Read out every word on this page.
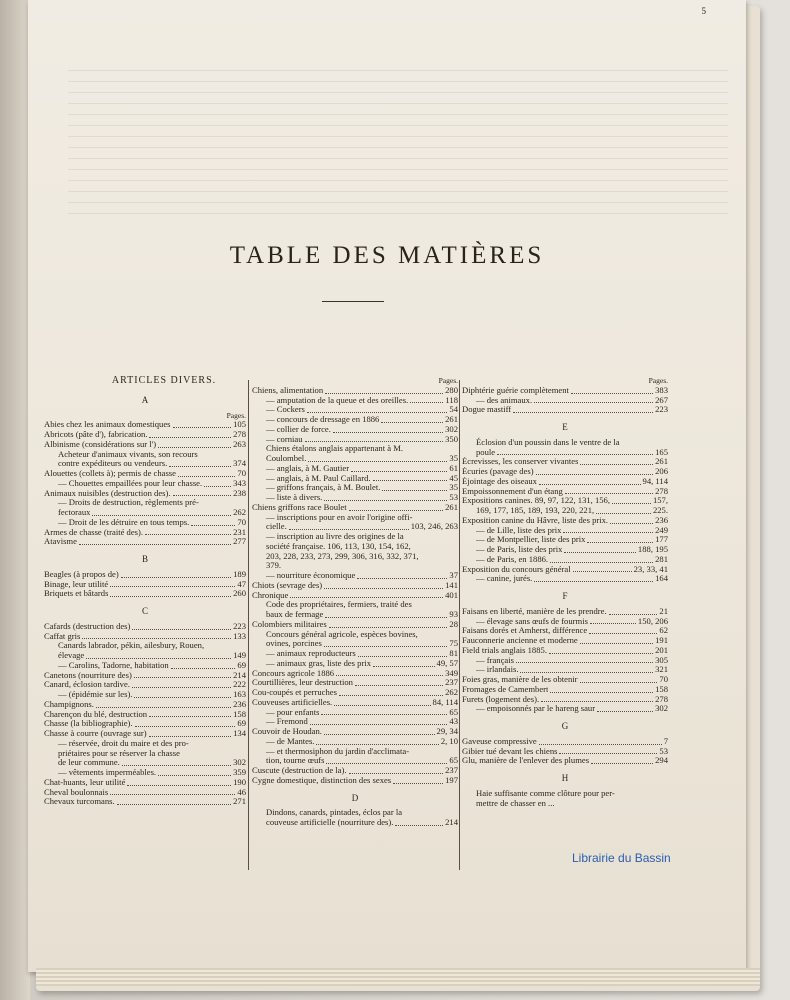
5
TABLE DES MATIÈRES
ARTICLES DIVERS.
A
Pages.
Abies chez les animaux domestiques	105
Abricots (pâte d'), fabrication.	278
Albinisme (considérations sur l')	263
Acheteur d'animaux vivants, son recours
contre expéditeurs ou vendeurs.	374
Alouettes (collets à); permis de chasse	70
— Chouettes empaillées pour leur chasse.	343
Animaux nuisibles (destruction des).	238
— Droits de destruction, règlements pré-
fectoraux	262
— Droit de les détruire en tous temps.	70
Armes de chasse (traité des).	231
Atavisme	277
B
Beagles (à propos de)	189
Binage, leur utilité	47
Briquets et bâtards	260
C
Cafards (destruction des)	223
Caffat gris	133
Canards labrador, pékin, ailesbury, Rouen,
élevage	149
— Carolins, Tadorne, habitation	69
Canetons (nourriture des)	214
Canard, éclosion tardive.	222
— (épidémie sur les).	163
Champignons.	236
Charençon du blé, destruction	158
Chasse (la bibliographie).	69
Chasse à courre (ouvrage sur)	134
— réservée, droit du maire et des pro-
priétaires pour se réserver la chasse
de leur commune.	302
— vêtements imperméables.	359
Chat-huants, leur utilité	190
Cheval boulonnais	46
Chevaux turcomans.	271
Pages.
Chiens, alimentation	280
— amputation de la queue et des oreilles.	118
— Cockers	54
— concours de dressage en 1886	261
— collier de force.	302
— cornіau	350
Chiens étalons anglais appartenant à M.
Coulombel.	35
— anglais, à M. Gautier	61
— anglais, à M. Paul Caillard.	45
— griffons français, à M. Boulet.	35
— liste à divers.	53
Chiens griffons race Boulet	261
— inscriptions pour en avoir l'origine offi-
cielle.	103, 246, 263
— inscription au livre des origines de la
société française. 106, 113, 130, 154, 162,
203, 228, 233, 273, 299, 306, 316, 332, 371,
379.
— nourriture économique	37
Chiots (sevrage des)	141
Chronique	401
Code des propriétaires, fermiers, traité des
baux de fermage	93
Colombiers militaires	28
Concours général agricole, espèces bovines,
ovines, porcines	75
— animaux reproducteurs	81
— animaux gras, liste des prix	49, 57
Concours agricole 1886	349
Courtillières, leur destruction	237
Cou-coupés et perruches	262
Couveuses artificielles.	84, 114
— pour enfants	65
— Fremond	43
Couvoir de Houdan.	29, 34
— de Mantes.	2, 10
— et thermosiphon du jardin d'acclimata-
tion, tourne œufs	65
Cuscute (destruction de la).	237
Cygne domestique, distinction des sexes	197
D
Dindons, canards, pintades, éclos par la
couveuse artificielle (nourriture des).	214
Pages.
Diphtérie guérie complètement	383
— des animaux.	267
Dogue mastiff	223
E
Éclosion d'un poussin dans le ventre de la
poule	165
Écrevisses, les conserver vivantes	261
Écuries (pavage des)	206
Éjointage des oiseaux	94, 114
Empoissonnement d'un étang	278
Expositions canines. 89, 97, 122, 131, 156,	157,
169, 177, 185, 189, 193, 220, 221,	225.
Exposition canine du Hâvre, liste des prix.	236
— de Lille, liste des prix	249
— de Montpellier, liste des prix	177
— de Paris, liste des prix	188, 195
— de Paris, en 1886.	281
Exposition du concours général	23, 33, 41
— canine, jurés.	164
F
Faisans en liberté, manière de les prendre.	21
— élevage sans œufs de fourmis	150, 206
Faisans dorés et Amherst, différence	62
Fauconnerie ancienne et moderne	191
Field trials anglais 1885.	201
— français	305
— irlandais.	321
Foies gras, manière de les obtenir	70
Fromages de Camembert	158
Furets (logement des).	278
— empoisonnés par le hareng saur	302
G
Gaveuse compressive	7
Gibier tué devant les chiens	53
Glu, manière de l'enlever des plumes	294
H
Haie suffisante comme clôture pour per-
mettre de chasser en ...
Librairie du Bassin
